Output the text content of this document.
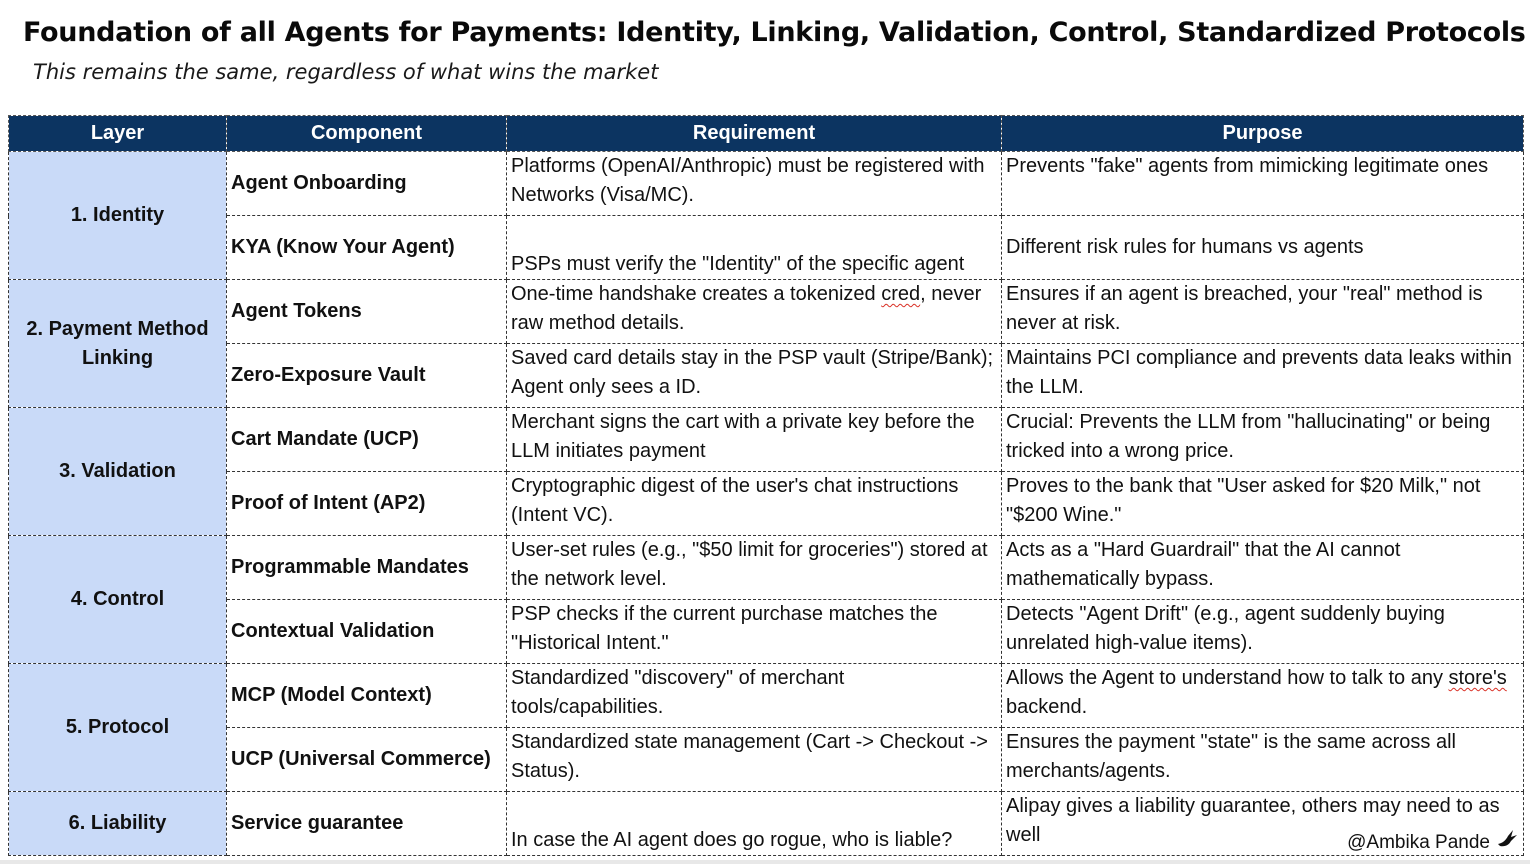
Foundation of all Agents for Payments: Identity, Linking, Validation, Control, Standardized Protocols
This remains the same, regardless of what wins the market
Layer	Component	Requirement	Purpose
1. Identity	Agent Onboarding	Platforms (OpenAI/Anthropic) must be registered with Networks (Visa/MC).	Prevents "fake" agents from mimicking legitimate ones
	KYA (Know Your Agent)	PSPs must verify the "Identity" of the specific agent	Different risk rules for humans vs agents
2. Payment Method Linking	Agent Tokens	One-time handshake creates a tokenized cred, never raw method details.	Ensures if an agent is breached, your "real" method is never at risk.
	Zero-Exposure Vault	Saved card details stay in the PSP vault (Stripe/Bank); Agent only sees a ID.	Maintains PCI compliance and prevents data leaks within the LLM.
3. Validation	Cart Mandate (UCP)	Merchant signs the cart with a private key before the LLM initiates payment	Crucial: Prevents the LLM from "hallucinating" or being tricked into a wrong price.
	Proof of Intent (AP2)	Cryptographic digest of the user's chat instructions (Intent VC).	Proves to the bank that "User asked for $20 Milk," not "$200 Wine."
4. Control	Programmable Mandates	User-set rules (e.g., "$50 limit for groceries") stored at the network level.	Acts as a "Hard Guardrail" that the AI cannot mathematically bypass.
	Contextual Validation	PSP checks if the current purchase matches the "Historical Intent."	Detects "Agent Drift" (e.g., agent suddenly buying unrelated high-value items).
5. Protocol	MCP (Model Context)	Standardized "discovery" of merchant tools/capabilities.	Allows the Agent to understand how to talk to any store's backend.
	UCP (Universal Commerce)	Standardized state management (Cart -> Checkout -> Status).	Ensures the payment "state" is the same across all merchants/agents.
6. Liability	Service guarantee	In case the AI agent does go rogue, who is liable?	Alipay gives a liability guarantee, others may need to as well	@Ambika Pande
